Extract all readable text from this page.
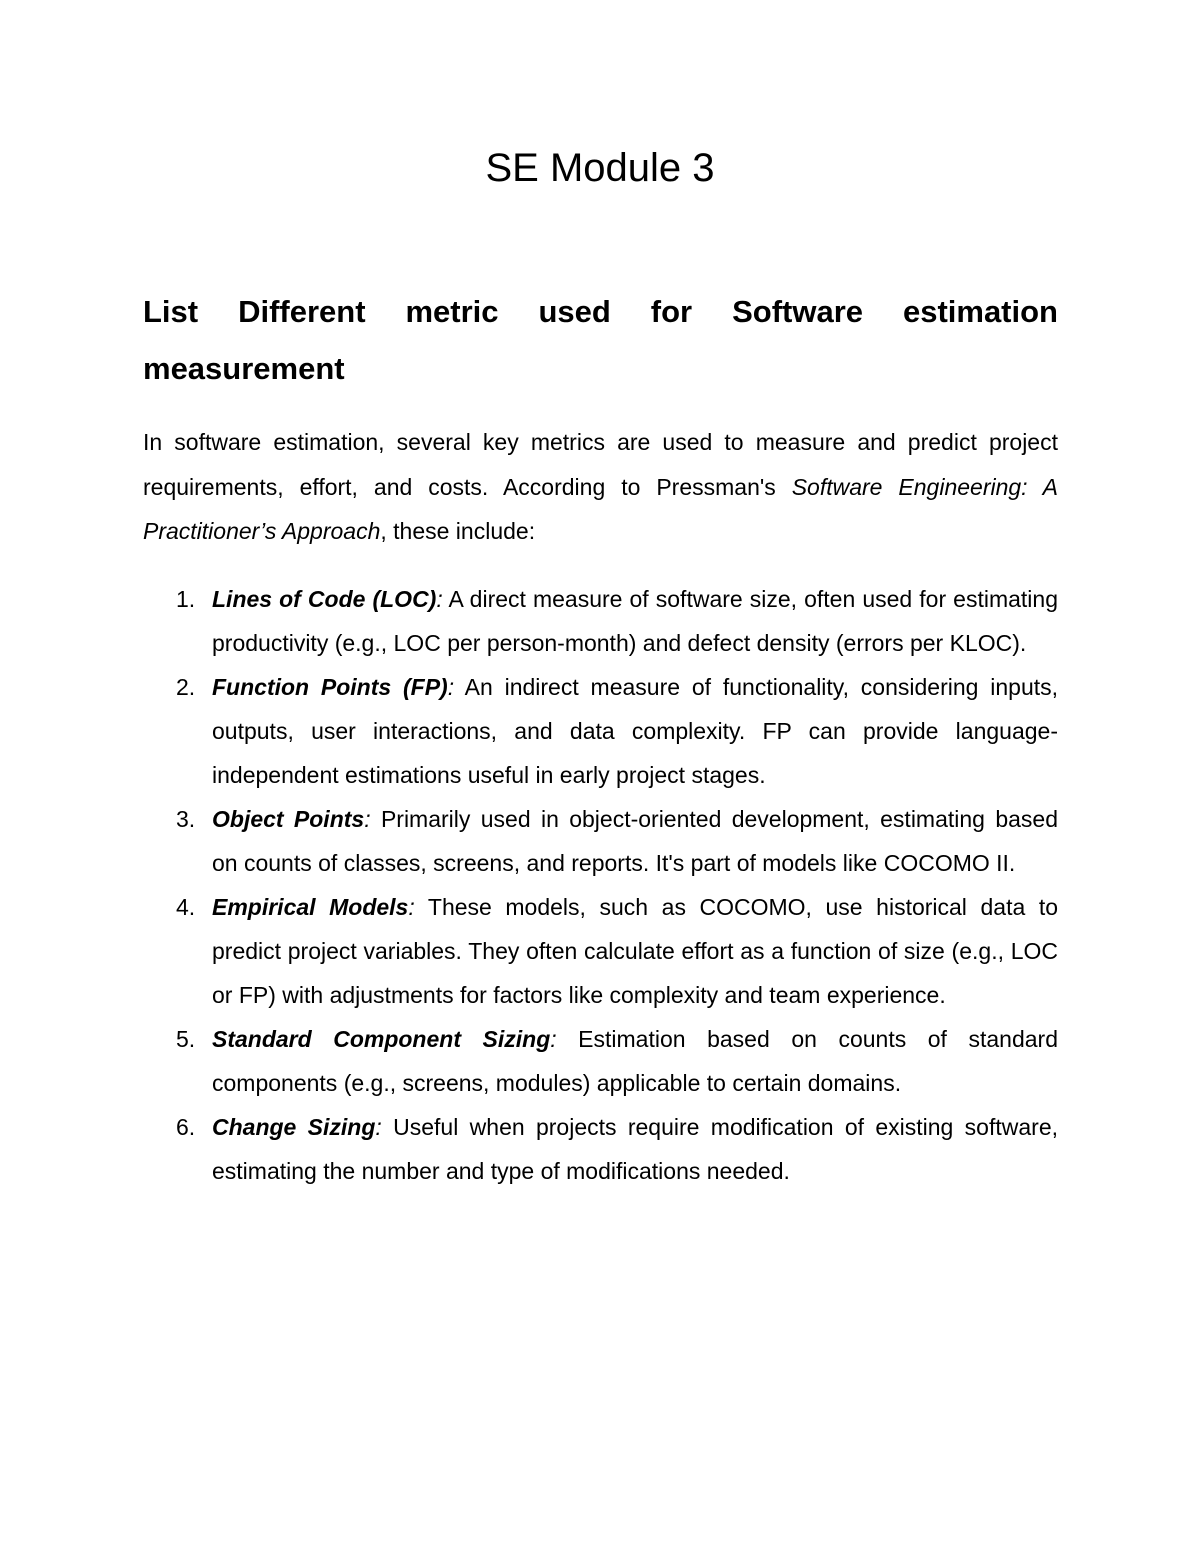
SE Module 3
List Different metric used for Software estimation
measurement

In software estimation, several key metrics are used to measure and predict project requirements, effort, and costs. According to Pressman's Software Engineering: A Practitioner’s Approach, these include:

1. Lines of Code (LOC): A direct measure of software size, often used for estimating productivity (e.g., LOC per person-month) and defect density (errors per KLOC).
2. Function Points (FP): An indirect measure of functionality, considering inputs, outputs, user interactions, and data complexity. FP can provide language-independent estimations useful in early project stages.
3. Object Points: Primarily used in object-oriented development, estimating based on counts of classes, screens, and reports. It's part of models like COCOMO II.
4. Empirical Models: These models, such as COCOMO, use historical data to predict project variables. They often calculate effort as a function of size (e.g., LOC or FP) with adjustments for factors like complexity and team experience.
5. Standard Component Sizing: Estimation based on counts of standard components (e.g., screens, modules) applicable to certain domains.
6. Change Sizing: Useful when projects require modification of existing software, estimating the number and type of modifications needed.
